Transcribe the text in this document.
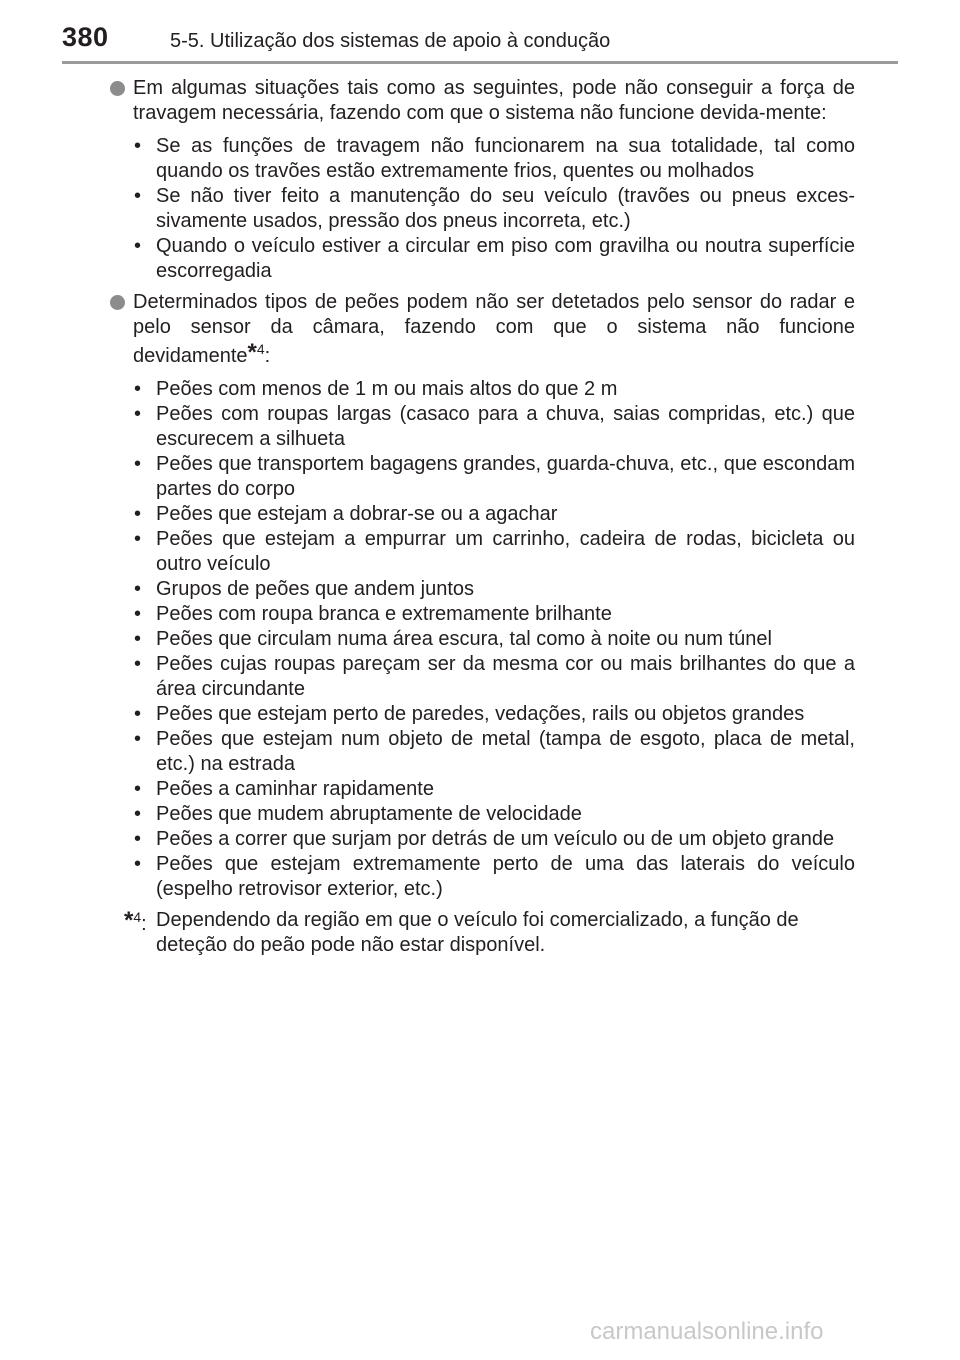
380	5-5. Utilização dos sistemas de apoio à condução
Em algumas situações tais como as seguintes, pode não conseguir a força de travagem necessária, fazendo com que o sistema não funcione devida-mente:
• Se as funções de travagem não funcionarem na sua totalidade, tal como quando os travões estão extremamente frios, quentes ou molhados
• Se não tiver feito a manutenção do seu veículo (travões ou pneus exces-sivamente usados, pressão dos pneus incorreta, etc.)
• Quando o veículo estiver a circular em piso com gravilha ou noutra superfície escorregadia
Determinados tipos de peões podem não ser detetados pelo sensor do radar e pelo sensor da câmara, fazendo com que o sistema não funcione devidamente*$^4$:
• Peões com menos de 1 m ou mais altos do que 2 m
• Peões com roupas largas (casaco para a chuva, saias compridas, etc.) que escurecem a silhueta
• Peões que transportem bagagens grandes, guarda-chuva, etc., que escondam partes do corpo
• Peões que estejam a dobrar-se ou a agachar
• Peões que estejam a empurrar um carrinho, cadeira de rodas, bicicleta ou outro veículo
• Grupos de peões que andem juntos
• Peões com roupa branca e extremamente brilhante
• Peões que circulam numa área escura, tal como à noite ou num túnel
• Peões cujas roupas pareçam ser da mesma cor ou mais brilhantes do que a área circundante
• Peões que estejam perto de paredes, vedações, rails ou objetos grandes
• Peões que estejam num objeto de metal (tampa de esgoto, placa de metal, etc.) na estrada
• Peões a caminhar rapidamente
• Peões que mudem abruptamente de velocidade
• Peões a correr que surjam por detrás de um veículo ou de um objeto grande
• Peões que estejam extremamente perto de uma das laterais do veículo (espelho retrovisor exterior, etc.)
*$^4$: Dependendo da região em que o veículo foi comercializado, a função de deteção do peão pode não estar disponível.
carmanualsonline.info
